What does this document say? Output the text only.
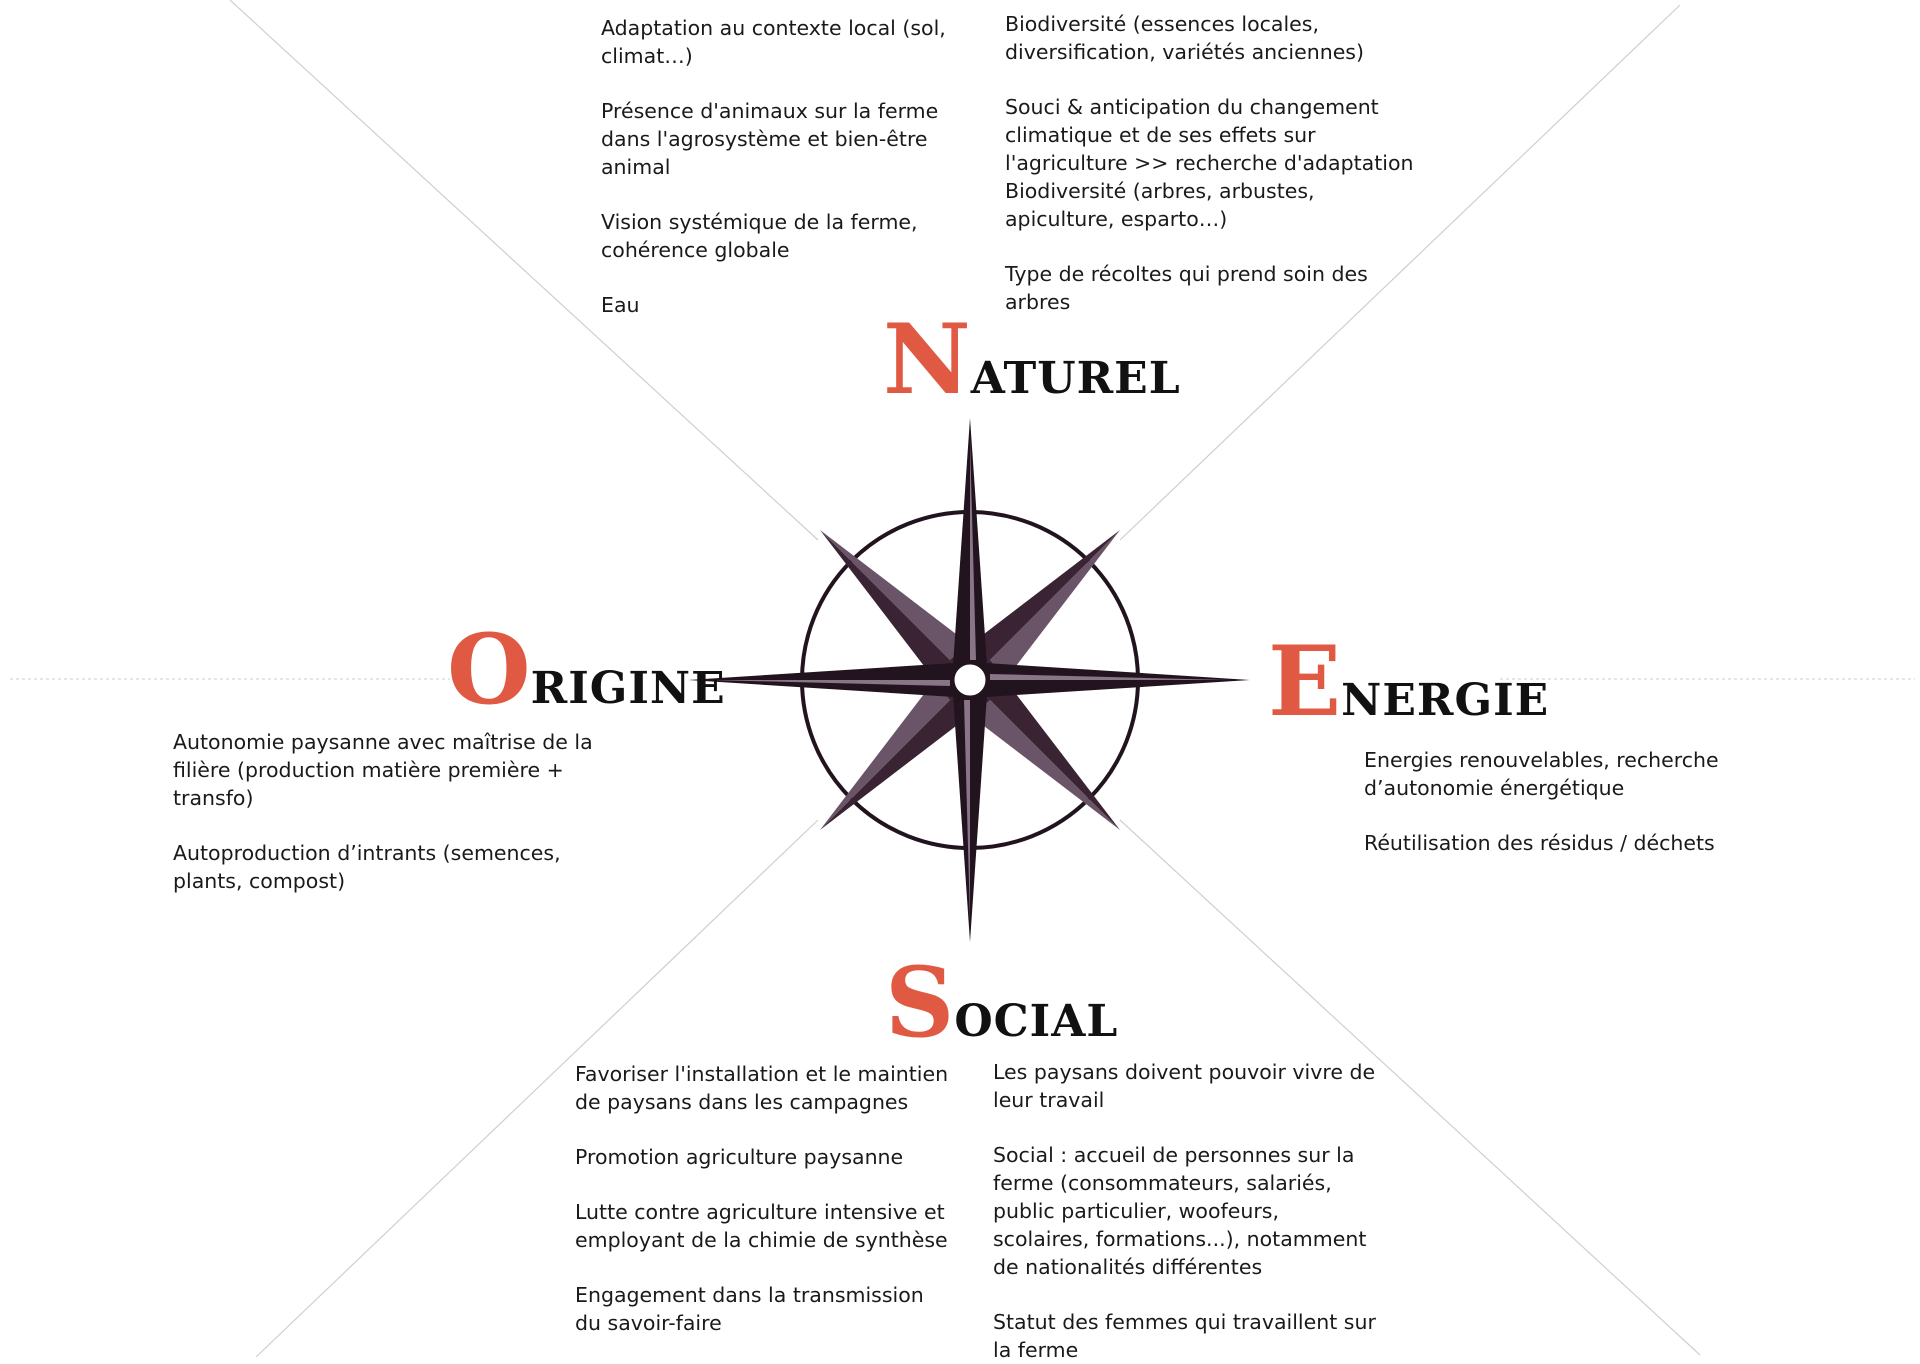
NATUREL
ORIGINE	ENERGIE
SOCIAL

Adaptation au contexte local (sol, climat…)

Présence d'animaux sur la ferme dans l'agrosystème et bien-être animal

Vision systémique de la ferme, cohérence globale

Eau

Biodiversité (essences locales, diversification, variétés anciennes)

Souci & anticipation du changement climatique et de ses effets sur l'agriculture >> recherche d'adaptation Biodiversité (arbres, arbustes, apiculture, esparto…)

Type de récoltes qui prend soin des arbres

Autonomie paysanne avec maîtrise de la filière (production matière première + transfo)

Autoproduction d’intrants (semences, plants, compost)

Energies renouvelables, recherche d’autonomie énergétique

Réutilisation des résidus / déchets

Favoriser l'installation et le maintien de paysans dans les campagnes

Promotion agriculture paysanne

Lutte contre agriculture intensive et employant de la chimie de synthèse

Engagement dans la transmission du savoir-faire

Les paysans doivent pouvoir vivre de leur travail

Social : accueil de personnes sur la ferme (consommateurs, salariés, public particulier, woofeurs, scolaires, formations...), notamment de nationalités différentes

Statut des femmes qui travaillent sur la ferme
